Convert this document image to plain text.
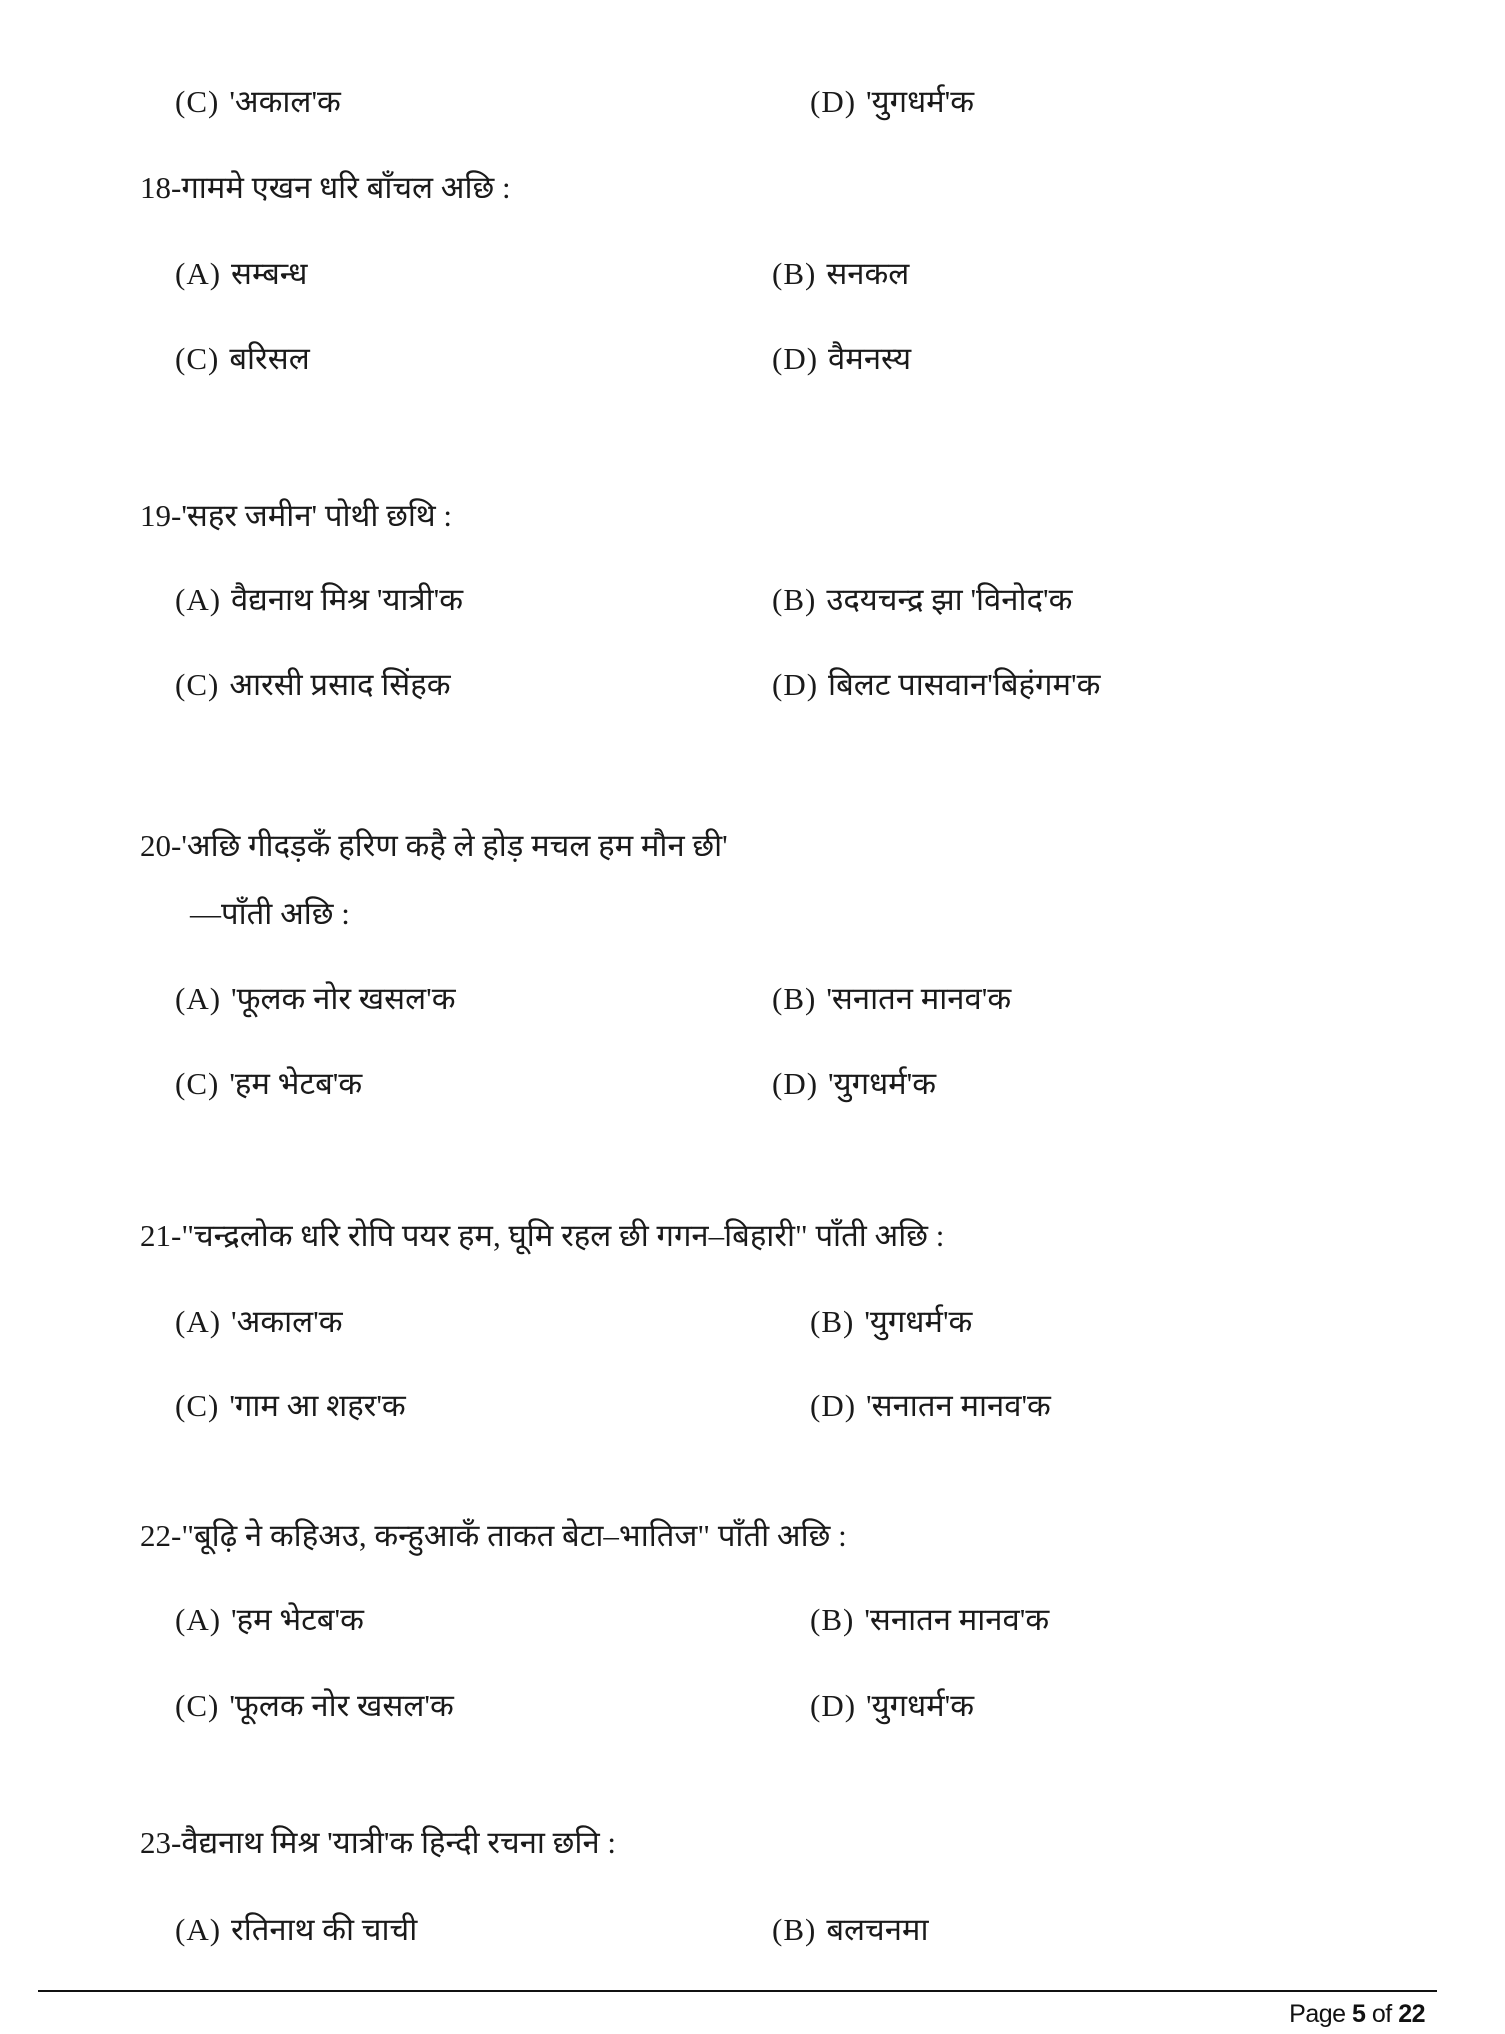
(C) 'अकाल'क	(D) 'युगधर्म'क
18-गाममे एखन धरि बाँचल अछि :
(A) सम्बन्ध	(B) सनकल
(C) बरिसल	(D) वैमनस्य
19-'सहर जमीन' पोथी छथि :
(A) वैद्यनाथ मिश्र 'यात्री'क	(B) उदयचन्द्र झा 'विनोद'क
(C) आरसी प्रसाद सिंहक	(D) बिलट पासवान'बिहंगम'क
20-'अछि गीदड़कँ हरिण कहै ले होड़ मचल हम मौन छी'
—पाँती अछि :
(A) 'फूलक नोर खसल'क	(B) 'सनातन मानव'क
(C) 'हम भेटब'क	(D) 'युगधर्म'क
21-"चन्द्रलोक धरि रोपि पयर हम, घूमि रहल छी गगन–बिहारी" पाँती अछि :
(A) 'अकाल'क	(B) 'युगधर्म'क
(C) 'गाम आ शहर'क	(D) 'सनातन मानव'क
22-"बूढ़ि ने कहिअउ, कन्हुआकँ ताकत बेटा–भातिज" पाँती अछि :
(A) 'हम भेटब'क	(B) 'सनातन मानव'क
(C) 'फूलक नोर खसल'क	(D) 'युगधर्म'क
23-वैद्यनाथ मिश्र 'यात्री'क हिन्दी रचना छनि :
(A) रतिनाथ की चाची	(B) बलचनमा
Page 5 of 22
